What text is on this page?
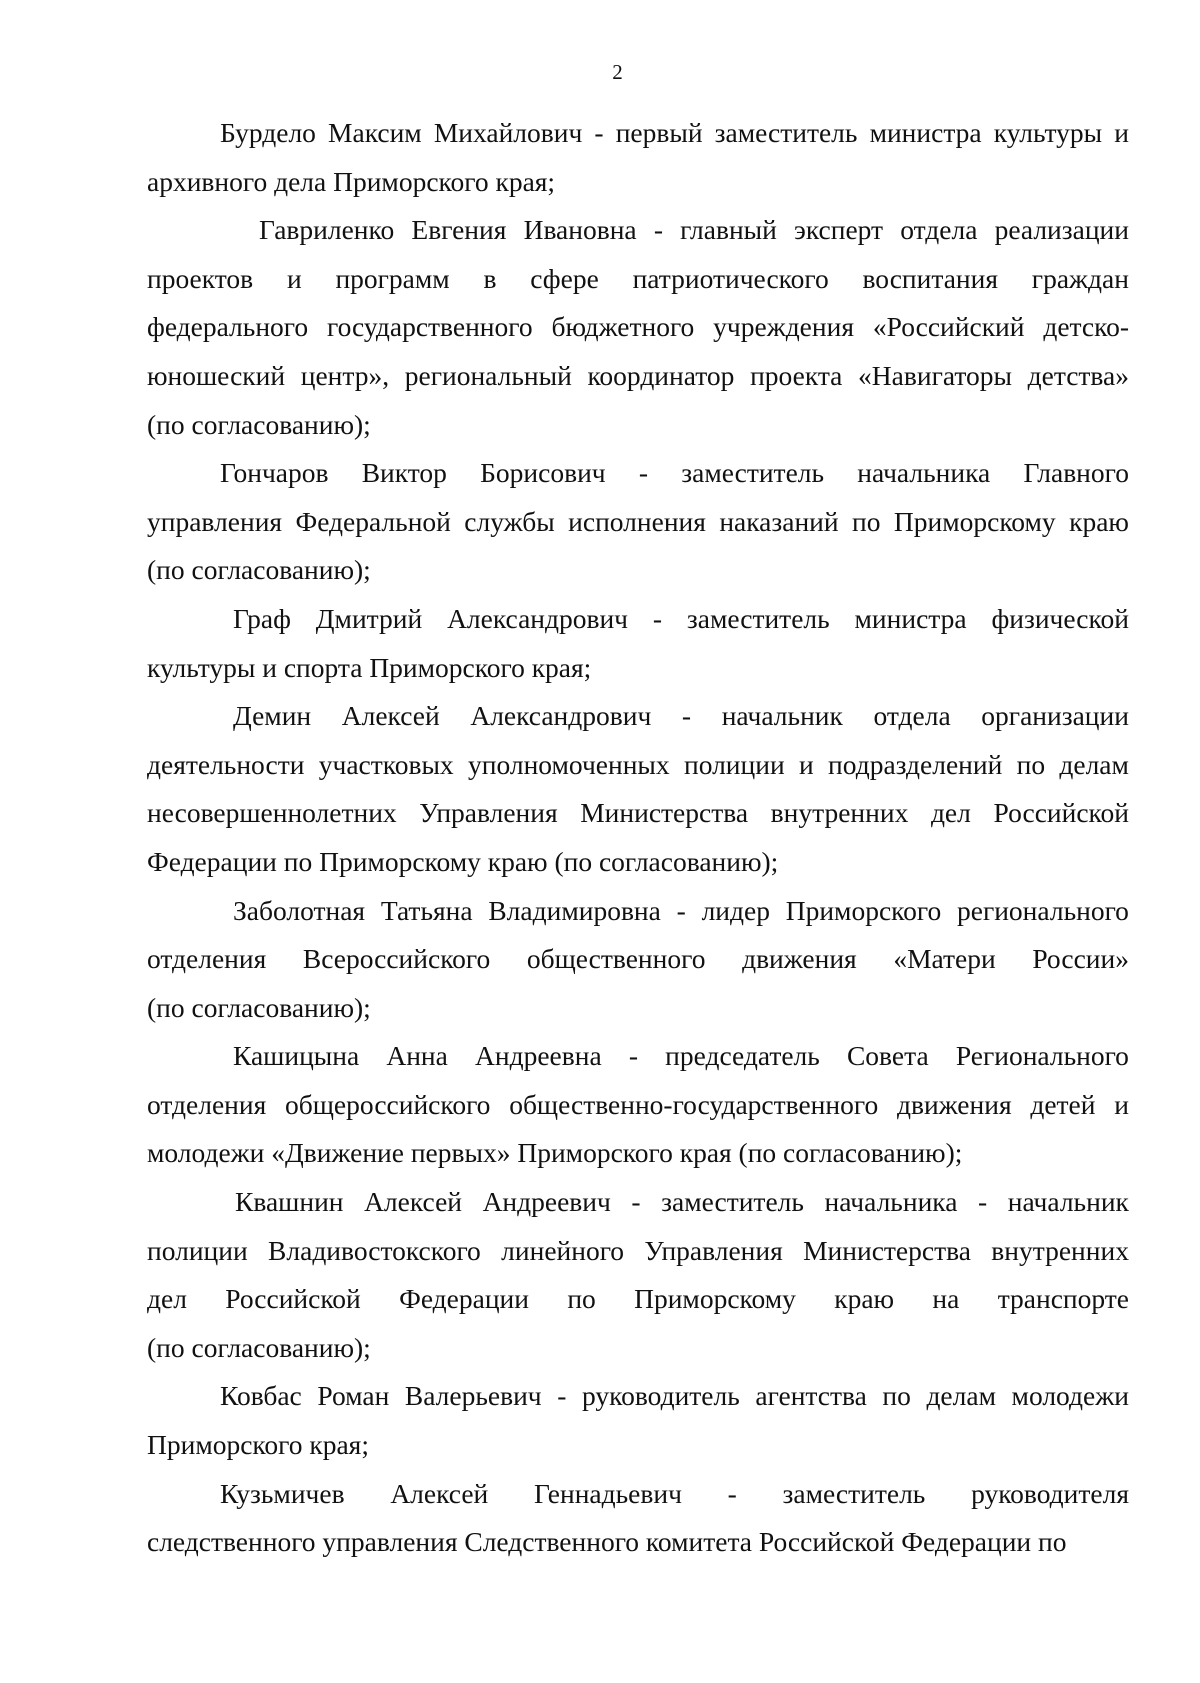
2
Бурдело Максим Михайлович - первый заместитель министра культуры и
архивного дела Приморского края;
Гавриленко Евгения Ивановна - главный эксперт отдела реализации
проектов и программ в сфере патриотического воспитания граждан
федерального государственного бюджетного учреждения «Российский детско-
юношеский центр», региональный координатор проекта «Навигаторы детства»
(по согласованию);
Гончаров Виктор Борисович - заместитель начальника Главного
управления Федеральной службы исполнения наказаний по Приморскому краю
(по согласованию);
Граф Дмитрий Александрович - заместитель министра физической
культуры и спорта Приморского края;
Демин Алексей Александрович - начальник отдела организации
деятельности участковых уполномоченных полиции и подразделений по делам
несовершеннолетних Управления Министерства внутренних дел Российской
Федерации по Приморскому краю (по согласованию);
Заболотная Татьяна Владимировна - лидер Приморского регионального
отделения Всероссийского общественного движения «Матери России»
(по согласованию);
Кашицына Анна Андреевна - председатель Совета Регионального
отделения общероссийского общественно-государственного движения детей и
молодежи «Движение первых» Приморского края (по согласованию);
Квашнин Алексей Андреевич - заместитель начальника - начальник
полиции Владивостокского линейного Управления Министерства внутренних
дел Российской Федерации по Приморскому краю на транспорте
(по согласованию);
Ковбас Роман Валерьевич - руководитель агентства по делам молодежи
Приморского края;
Кузьмичев Алексей Геннадьевич - заместитель руководителя
следственного управления Следственного комитета Российской Федерации по
